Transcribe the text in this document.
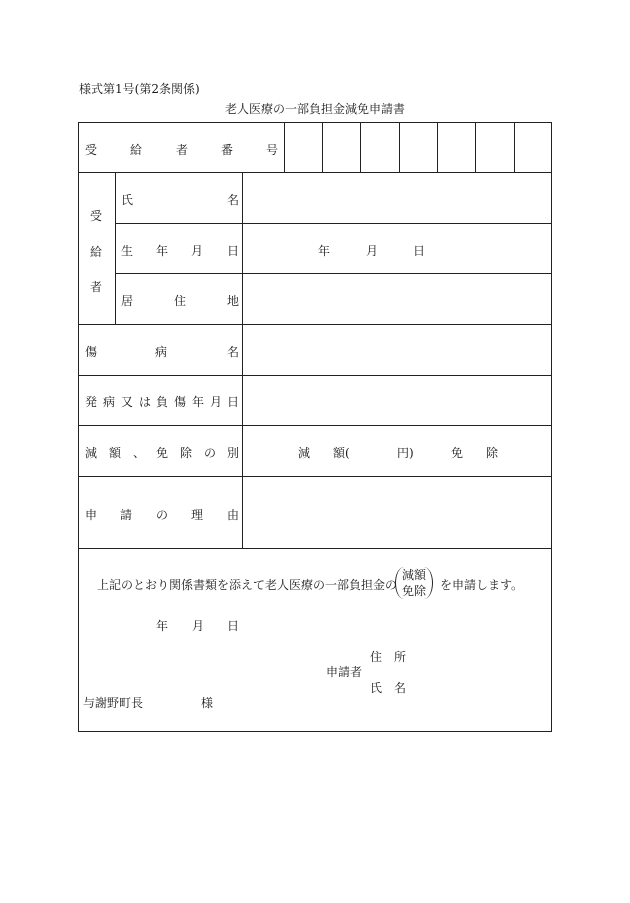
様式第1号(第2条関係)
老人医療の一部負担金減免申請書
受	給	者	番	号
受
給
者
氏	名
生 年 月 日	年	月	日
居	住	地
傷	病	名
発 病 又 は 負 傷 年 月 日
減 額 、 免 除 の 別	減 額(	円)	免 除
申 請 の 理 由
上記のとおり関係書類を添えて老人医療の一部負担金の
減額
免除	を申請します。
年 月 日
住　所
申請者
氏　名
与謝野町長	様
